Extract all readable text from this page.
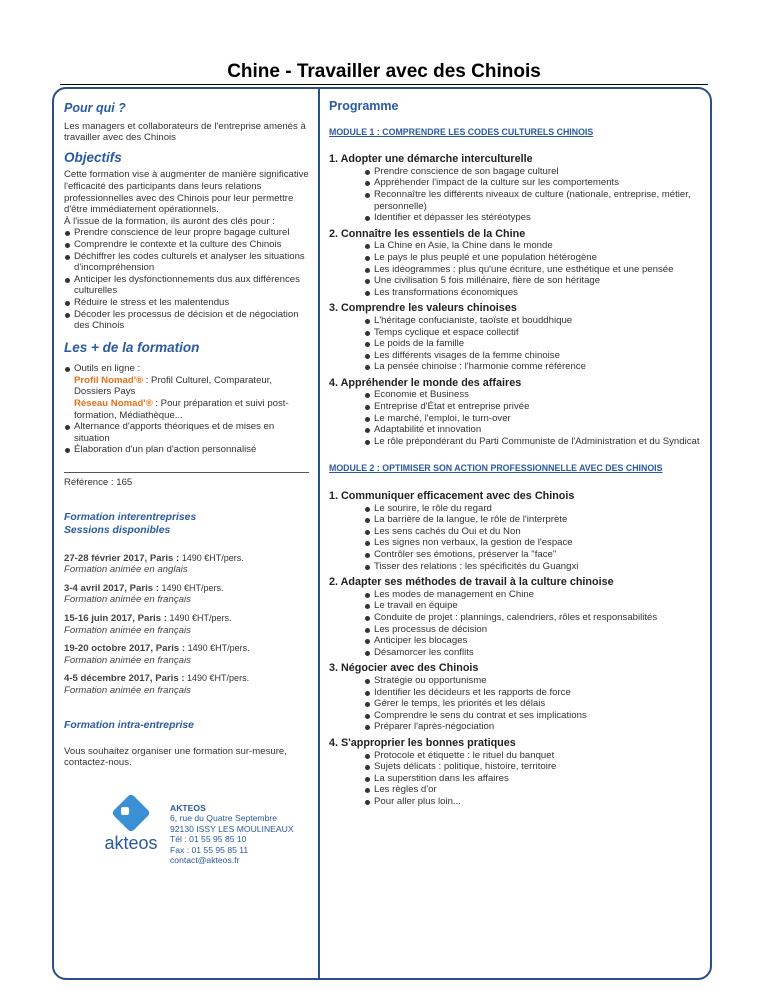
Chine - Travailler avec des Chinois
Pour qui ?

Les managers et collaborateurs de l'entreprise amenés à travailler avec des Chinois

Objectifs

Cette formation vise à augmenter de manière significative l'efficacité des participants dans leurs relations professionnelles avec des Chinois pour leur permettre d'être immédiatement opérationnels.

À l'issue de la formation, ils auront des clés pour :

Prendre conscience de leur propre bagage culturel
Comprendre le contexte et la culture des Chinois
Déchiffrer les codes culturels et analyser les situations d'incompréhension
Anticiper les dysfonctionnements dus aux différences culturelles
Réduire le stress et les malentendus
Décoder les processus de décision et de négociation des Chinois
Les + de la formation
Outils en ligne :
Profil Nomad'® : Profil Culturel, Comparateur, Dossiers Pays
Réseau Nomad'® : Pour préparation et suivi post-formation, Médiathèque...
Alternance d'apports théoriques et de mises en situation
Élaboration d'un plan d'action personnalisé

Référence : 165

Formation interentreprises
Sessions disponibles
27-28 février 2017, Paris : 1490 €HT/pers.
Formation animée en anglais
3-4 avril 2017, Paris : 1490 €HT/pers.
Formation animée en français
15-16 juin 2017, Paris : 1490 €HT/pers.
Formation animée en français
19-20 octobre 2017, Paris : 1490 €HT/pers.
Formation animée en français
4-5 décembre 2017, Paris : 1490 €HT/pers.
Formation animée en français
Formation intra-entreprise

Vous souhaitez organiser une formation sur-mesure, contactez-nous.

akteos
AKTEOS
6, rue du Quatre Septembre
92130 ISSY LES MOULINEAUX
Tél : 01 55 95 85 10
Fax : 01 55 95 85 11
contact@akteos.fr
Programme
MODULE 1 : COMPRENDRE LES CODES CULTURELS CHINOIS
1. Adopter une démarche interculturelle
Prendre conscience de son bagage culturel
Appréhender l'impact de la culture sur les comportements
Reconnaître les différents niveaux de culture (nationale, entreprise, métier, personnelle)
Identifier et dépasser les stéréotypes
2. Connaître les essentiels de la Chine
La Chine en Asie, la Chine dans le monde
Le pays le plus peuplé et une population hétérogène
Les idéogrammes : plus qu'une écriture, une esthétique et une pensée
Une civilisation 5 fois millénaire, fière de son héritage
Les transformations économiques
3. Comprendre les valeurs chinoises
L'héritage confucianiste, taoïste et bouddhique
Temps cyclique et espace collectif
Le poids de la famille
Les différents visages de la femme chinoise
La pensée chinoise : l'harmonie comme référence
4. Appréhender le monde des affaires
Economie et Business
Entreprise d'État et entreprise privée
Le marché, l'emploi, le turn-over
Adaptabilité et innovation
Le rôle prépondérant du Parti Communiste de l'Administration et du Syndicat
MODULE 2 : OPTIMISER SON ACTION PROFESSIONNELLE AVEC DES CHINOIS
1. Communiquer efficacement avec des Chinois
Le sourire, le rôle du regard
La barrière de la langue, le rôle de l'interprète
Les sens cachés du Oui et du Non
Les signes non verbaux, la gestion de l'espace
Contrôler ses émotions, préserver la "face"
Tisser des relations : les spécificités du Guangxi
2. Adapter ses méthodes de travail à la culture chinoise
Les modes de management en Chine
Le travail en équipe
Conduite de projet : plannings, calendriers, rôles et responsabilités
Les processus de décision
Anticiper les blocages
Désamorcer les conflits
3. Négocier avec des Chinois
Stratégie ou opportunisme
Identifier les décideurs et les rapports de force
Gérer le temps, les priorités et les délais
Comprendre le sens du contrat et ses implications
Préparer l'après-négociation
4. S'approprier les bonnes pratiques
Protocole et étiquette : le rituel du banquet
Sujets délicats : politique, histoire, territoire
La superstition dans les affaires
Les règles d'or
Pour aller plus loin...
